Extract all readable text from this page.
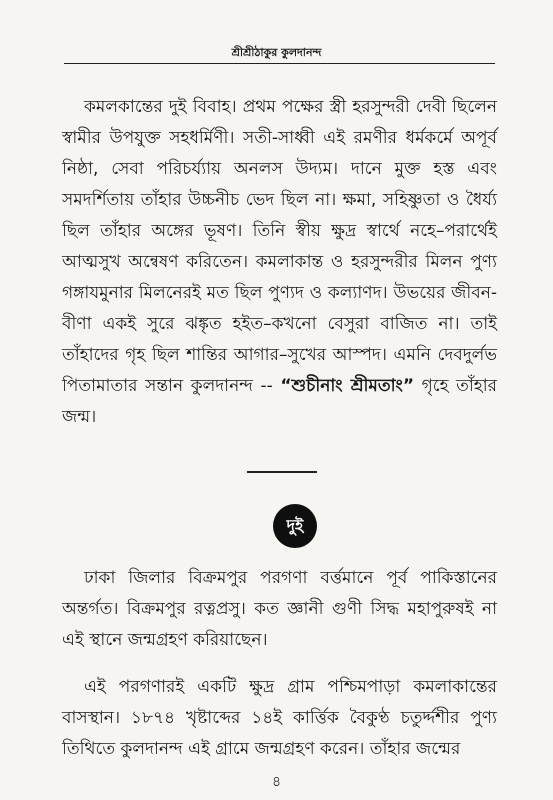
শ্রীশ্রীঠাকুর কুলদানন্দ

কমলকান্তের দুই বিবাহ। প্রথম পক্ষের স্ত্রী হরসুন্দরী দেবী ছিলেন স্বামীর উপযুক্ত সহধর্মিণী। সতী-সাধ্বী এই রমণীর ধর্মকর্মে অপূর্ব নিষ্ঠা, সেবা পরিচর্য্যায় অনলস উদ্যম। দানে মুক্ত হস্ত এবং সমদর্শিতায় তাঁহার উচ্চনীচ ভেদ ছিল না। ক্ষমা, সহিষ্ণুতা ও ধৈর্য্য ছিল তাঁহার অঙ্গের ভূষণ। তিনি স্বীয় ক্ষুদ্র স্বার্থে নহে–পরার্থেই আত্মসুখ অন্বেষণ করিতেন। কমলাকান্ত ও হরসুন্দরীর মিলন পুণ্য গঙ্গাযমুনার মিলনেরই মত ছিল পুণ্যদ ও কল্যাণদ। উভয়ের জীবন-বীণা একই সুরে ঝঙ্কৃত হইত–কখনো বেসুরা বাজিত না। তাই তাঁহাদের গৃহ ছিল শান্তির আগার–সুখের আস্পদ। এমনি দেবদুর্লভ পিতামাতার সন্তান কুলদানন্দ -- “শুচীনাং শ্রীমতাং” গৃহে তাঁহার জন্ম।

দুই

ঢাকা জিলার বিক্রমপুর পরগণা বর্ত্তমানে পূর্ব পাকিস্তানের অন্তর্গত। বিক্রমপুর রত্নপ্রসু। কত জ্ঞানী গুণী সিদ্ধ মহাপুরুষই না এই স্থানে জন্মগ্রহণ করিয়াছেন।

এই পরগণারই একটি ক্ষুদ্র গ্রাম পশ্চিমপাড়া কমলাকান্তের বাসস্থান। ১৮৭৪ খৃষ্টাব্দের ১৪ই কার্ত্তিক বৈকুণ্ঠ চতুর্দ্দশীর পুণ্য তিথিতে কুলদানন্দ এই গ্রামে জন্মগ্রহণ করেন। তাঁহার জন্মের

৪
